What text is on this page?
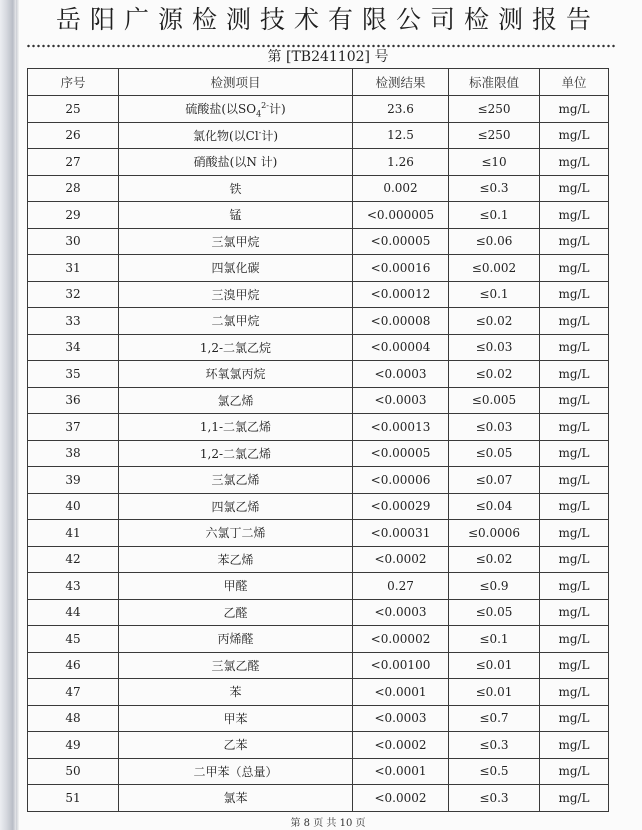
岳阳广源检测技术有限公司检测报告
第 [TB241102] 号
序号	检测项目	检测结果	标准限值	单位
25	硫酸盐(以$SO_4^{2-}$计)	23.6	≤250	mg/L
26	氯化物(以Cl-计)	12.5	≤250	mg/L
27	硝酸盐(以N 计)	1.26	≤10	mg/L
28	铁	0.002	≤0.3	mg/L
29	锰	<0.000005	≤0.1	mg/L
30	三氯甲烷	<0.00005	≤0.06	mg/L
31	四氯化碳	<0.00016	≤0.002	mg/L
32	三溴甲烷	<0.00012	≤0.1	mg/L
33	二氯甲烷	<0.00008	≤0.02	mg/L
34	1,2-二氯乙烷	<0.00004	≤0.03	mg/L
35	环氧氯丙烷	<0.0003	≤0.02	mg/L
36	氯乙烯	<0.0003	≤0.005	mg/L
37	1,1-二氯乙烯	<0.00013	≤0.03	mg/L
38	1,2-二氯乙烯	<0.00005	≤0.05	mg/L
39	三氯乙烯	<0.00006	≤0.07	mg/L
40	四氯乙烯	<0.00029	≤0.04	mg/L
41	六氯丁二烯	<0.00031	≤0.0006	mg/L
42	苯乙烯	<0.0002	≤0.02	mg/L
43	甲醛	0.27	≤0.9	mg/L
44	乙醛	<0.0003	≤0.05	mg/L
45	丙烯醛	<0.00002	≤0.1	mg/L
46	三氯乙醛	<0.00100	≤0.01	mg/L
47	苯	<0.0001	≤0.01	mg/L
48	甲苯	<0.0003	≤0.7	mg/L
49	乙苯	<0.0002	≤0.3	mg/L
50	二甲苯（总量）	<0.0001	≤0.5	mg/L
51	氯苯	<0.0002	≤0.3	mg/L
第 8 页 共 10 页
